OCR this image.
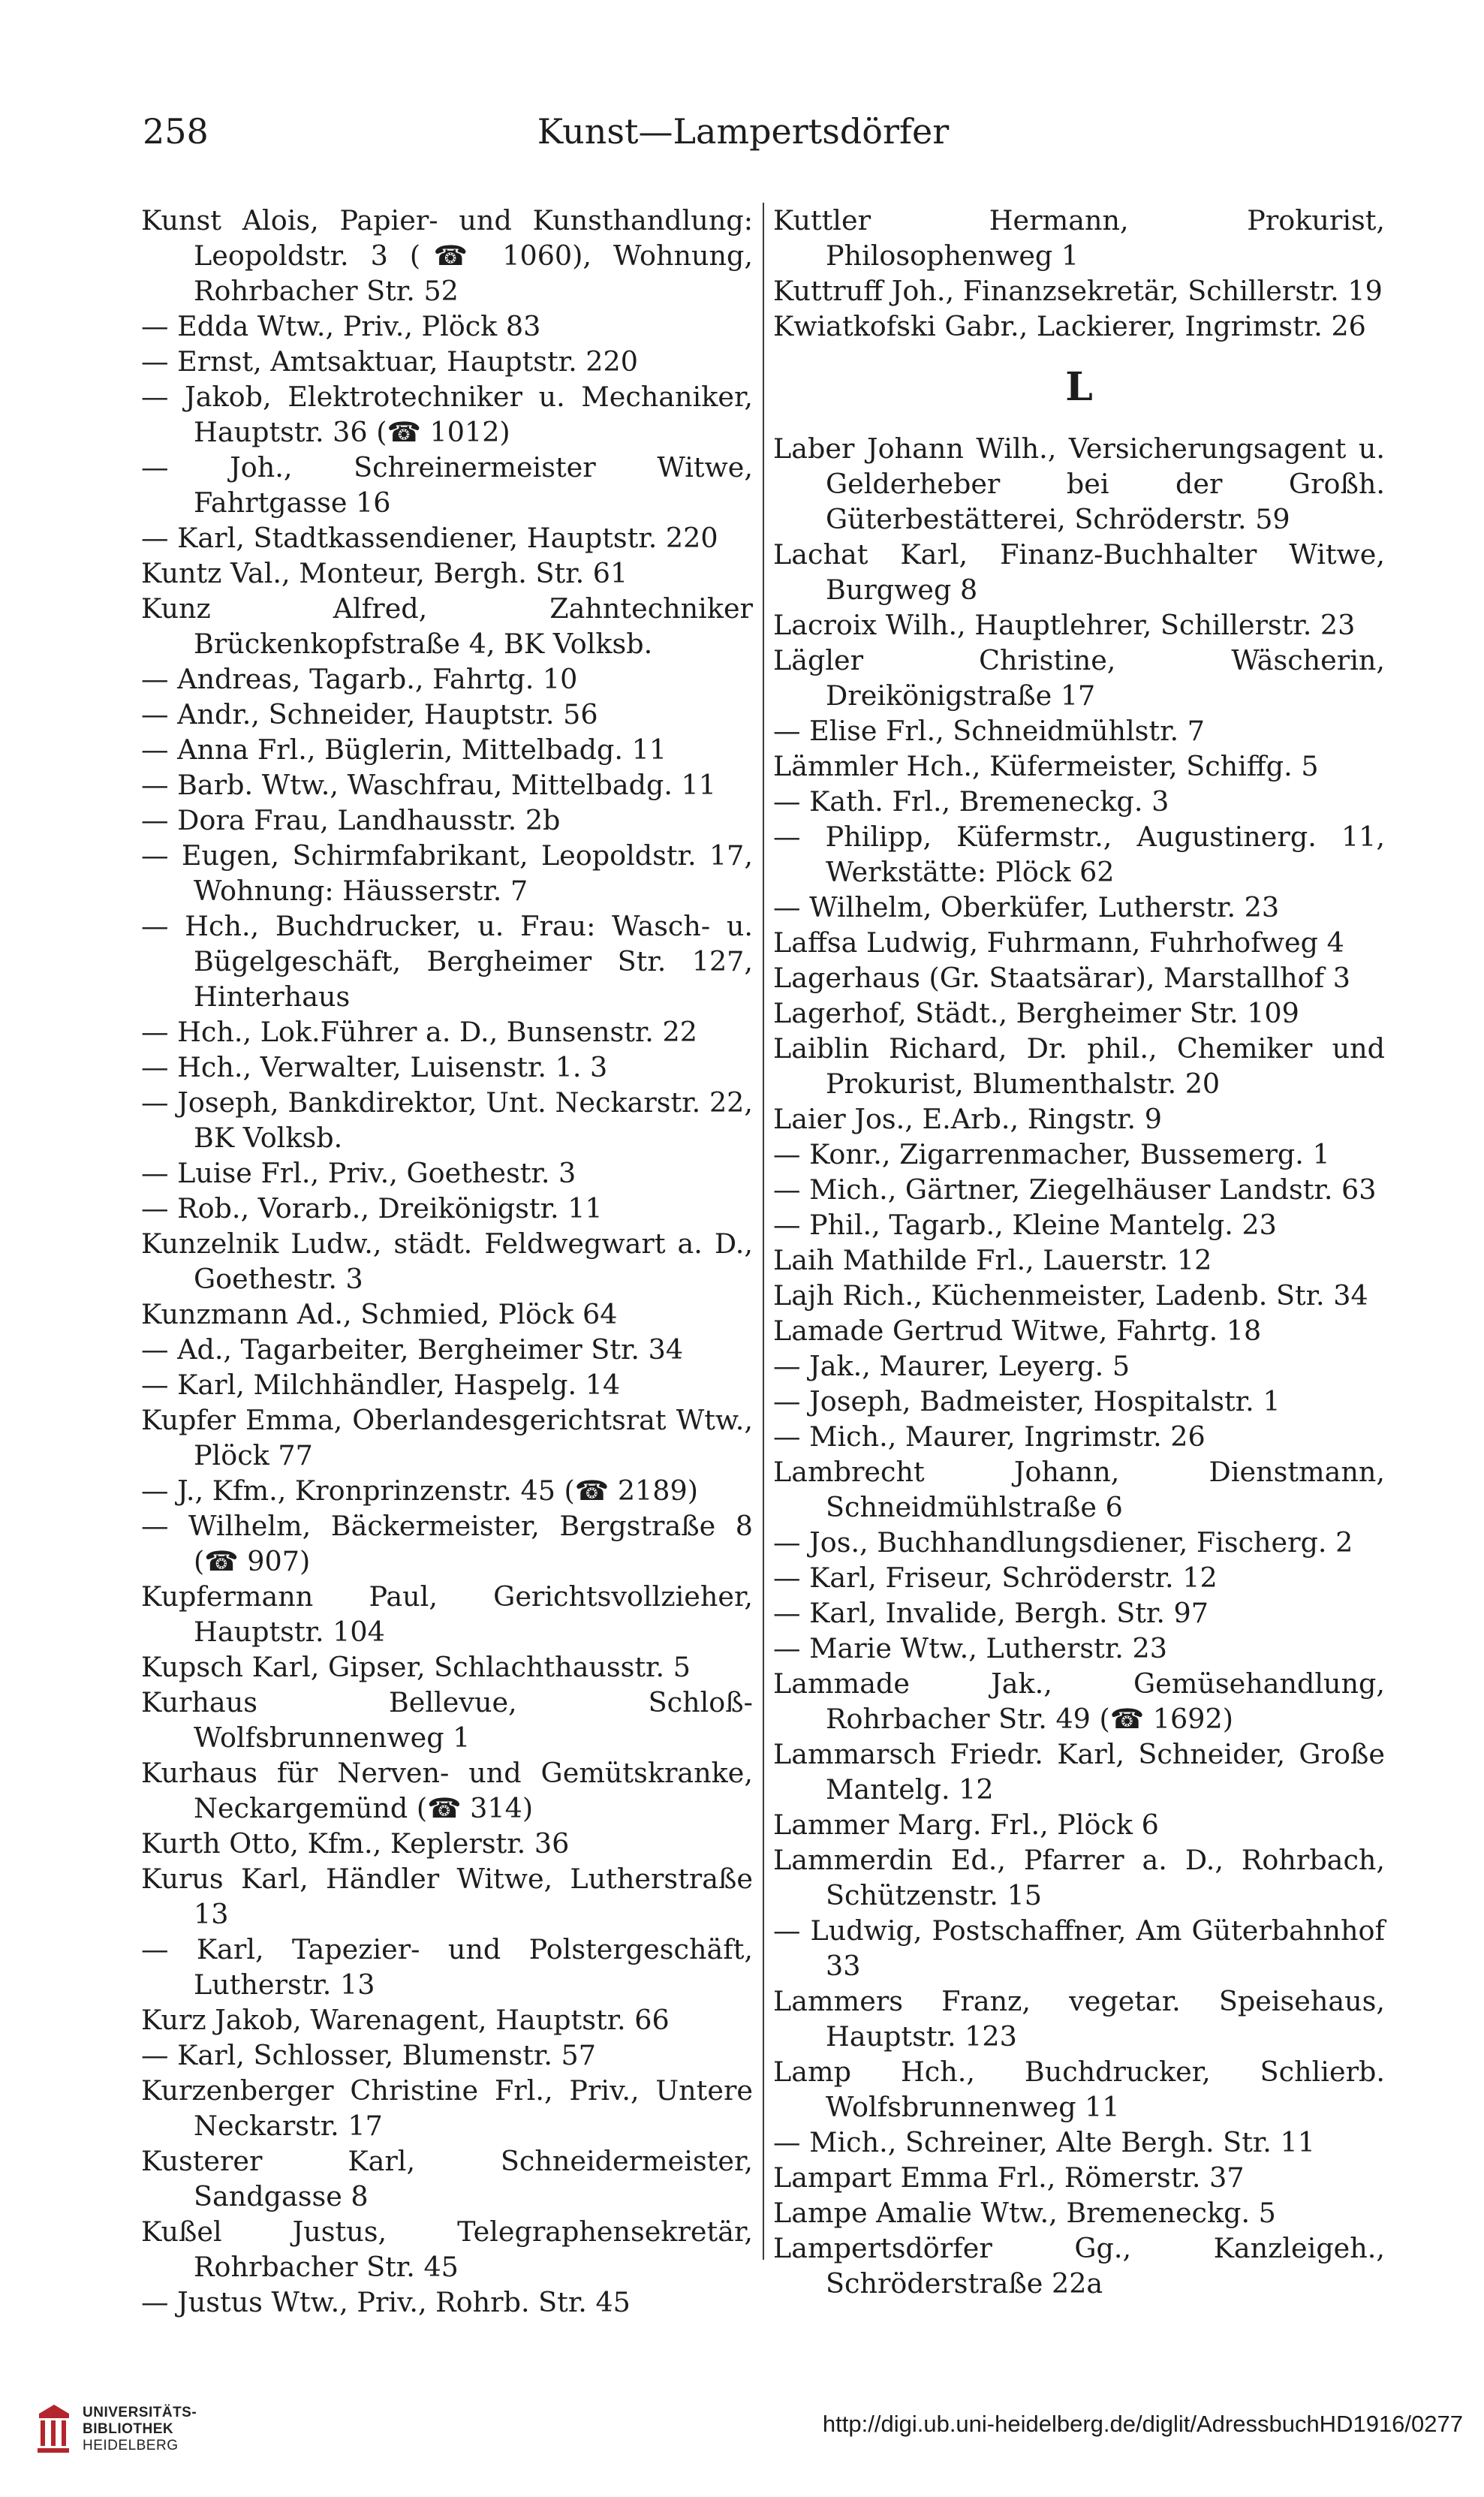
258	Kunst—Lampertsdörfer

Kunst Alois, Papier- und Kunsthandlung: Leopoldstr. 3 (☎ 1060), Wohnung, Rohrbacher Str. 52

— Edda Wtw., Priv., Plöck 83

— Ernst, Amtsaktuar, Hauptstr. 220

— Jakob, Elektrotechniker u. Mechaniker, Hauptstr. 36 (☎ 1012)

— Joh., Schreinermeister Witwe, Fahrtgasse 16

— Karl, Stadtkassendiener, Hauptstr. 220

Kuntz Val., Monteur, Bergh. Str. 61

Kunz Alfred, Zahntechniker Brückenkopfstraße 4, BK Volksb.

— Andreas, Tagarb., Fahrtg. 10

— Andr., Schneider, Hauptstr. 56

— Anna Frl., Büglerin, Mittelbadg. 11

— Barb. Wtw., Waschfrau, Mittelbadg. 11

— Dora Frau, Landhausstr. 2b

— Eugen, Schirmfabrikant, Leopoldstr. 17, Wohnung: Häusserstr. 7

— Hch., Buchdrucker, u. Frau: Wasch- u. Bügelgeschäft, Bergheimer Str. 127, Hinterhaus

— Hch., Lok.Führer a. D., Bunsenstr. 22

— Hch., Verwalter, Luisenstr. 1. 3

— Joseph, Bankdirektor, Unt. Neckarstr. 22, BK Volksb.

— Luise Frl., Priv., Goethestr. 3

— Rob., Vorarb., Dreikönigstr. 11

Kunzelnik Ludw., städt. Feldwegwart a. D., Goethestr. 3

Kunzmann Ad., Schmied, Plöck 64

— Ad., Tagarbeiter, Bergheimer Str. 34

— Karl, Milchhändler, Haspelg. 14

Kupfer Emma, Oberlandesgerichtsrat Wtw., Plöck 77

— J., Kfm., Kronprinzenstr. 45 (☎ 2189)

— Wilhelm, Bäckermeister, Bergstraße 8 (☎ 907)

Kupfermann Paul, Gerichtsvollzieher, Hauptstr. 104

Kupsch Karl, Gipser, Schlachthausstr. 5

Kurhaus Bellevue, Schloß-Wolfsbrunnenweg 1

Kurhaus für Nerven- und Gemütskranke, Neckargemünd (☎ 314)

Kurth Otto, Kfm., Keplerstr. 36

Kurus Karl, Händler Witwe, Lutherstraße 13

— Karl, Tapezier- und Polstergeschäft, Lutherstr. 13

Kurz Jakob, Warenagent, Hauptstr. 66

— Karl, Schlosser, Blumenstr. 57

Kurzenberger Christine Frl., Priv., Untere Neckarstr. 17

Kusterer Karl, Schneidermeister, Sandgasse 8

Kußel Justus, Telegraphensekretär, Rohrbacher Str. 45

— Justus Wtw., Priv., Rohrb. Str. 45

Kuttler Hermann, Prokurist, Philosophenweg 1

Kuttruff Joh., Finanzsekretär, Schillerstr. 19

Kwiatkofski Gabr., Lackierer, Ingrimstr. 26

L

Laber Johann Wilh., Versicherungsagent u. Gelderheber bei der Großh. Güterbestätterei, Schröderstr. 59

Lachat Karl, Finanz-Buchhalter Witwe, Burgweg 8

Lacroix Wilh., Hauptlehrer, Schillerstr. 23

Lägler Christine, Wäscherin, Dreikönigstraße 17

— Elise Frl., Schneidmühlstr. 7

Lämmler Hch., Küfermeister, Schiffg. 5

— Kath. Frl., Bremeneckg. 3

— Philipp, Küfermstr., Augustinerg. 11, Werkstätte: Plöck 62

— Wilhelm, Oberküfer, Lutherstr. 23

Laffsa Ludwig, Fuhrmann, Fuhrhofweg 4

Lagerhaus (Gr. Staatsärar), Marstallhof 3

Lagerhof, Städt., Bergheimer Str. 109

Laiblin Richard, Dr. phil., Chemiker und Prokurist, Blumenthalstr. 20

Laier Jos., E.Arb., Ringstr. 9

— Konr., Zigarrenmacher, Bussemerg. 1

— Mich., Gärtner, Ziegelhäuser Landstr. 63

— Phil., Tagarb., Kleine Mantelg. 23

Laih Mathilde Frl., Lauerstr. 12

Lajh Rich., Küchenmeister, Ladenb. Str. 34

Lamade Gertrud Witwe, Fahrtg. 18

— Jak., Maurer, Leyerg. 5

— Joseph, Badmeister, Hospitalstr. 1

— Mich., Maurer, Ingrimstr. 26

Lambrecht Johann, Dienstmann, Schneidmühlstraße 6

— Jos., Buchhandlungsdiener, Fischerg. 2

— Karl, Friseur, Schröderstr. 12

— Karl, Invalide, Bergh. Str. 97

— Marie Wtw., Lutherstr. 23

Lammade Jak., Gemüsehandlung, Rohrbacher Str. 49 (☎ 1692)

Lammarsch Friedr. Karl, Schneider, Große Mantelg. 12

Lammer Marg. Frl., Plöck 6

Lammerdin Ed., Pfarrer a. D., Rohrbach, Schützenstr. 15

— Ludwig, Postschaffner, Am Güterbahnhof 33

Lammers Franz, vegetar. Speisehaus, Hauptstr. 123

Lamp Hch., Buchdrucker, Schlierb. Wolfsbrunnenweg 11

— Mich., Schreiner, Alte Bergh. Str. 11

Lampart Emma Frl., Römerstr. 37

Lampe Amalie Wtw., Bremeneckg. 5

Lampertsdörfer Gg., Kanzleigeh., Schröderstraße 22a

UNIVERSITÄTS-
BIBLIOTHEK
HEIDELBERG
http://digi.ub.uni-heidelberg.de/diglit/AdressbuchHD1916/0277
